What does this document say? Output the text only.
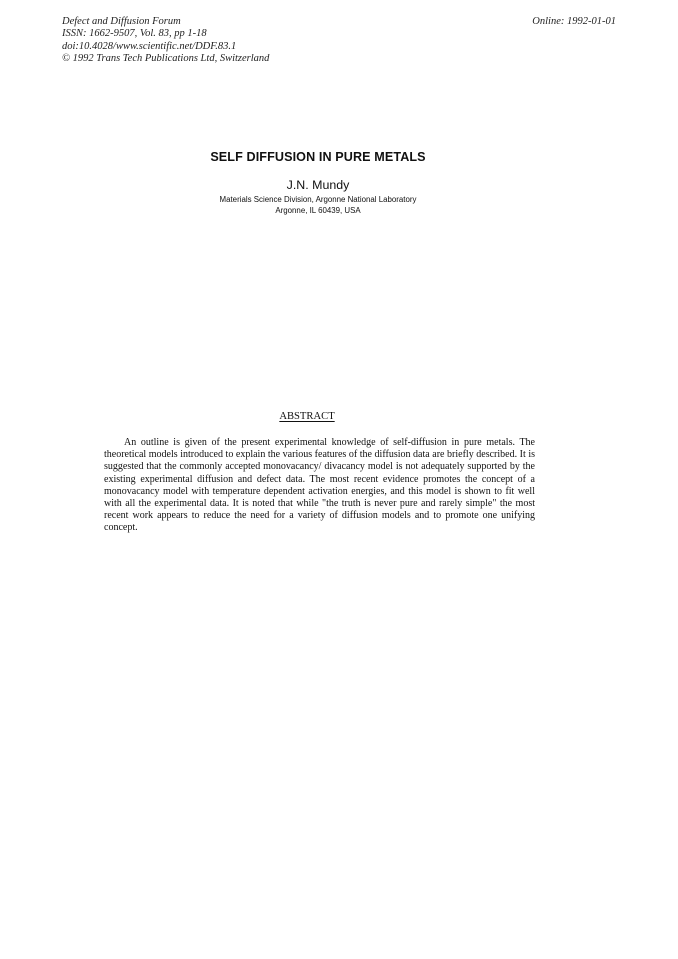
Defect and Diffusion Forum
ISSN: 1662-9507, Vol. 83, pp 1-18
doi:10.4028/www.scientific.net/DDF.83.1
© 1992 Trans Tech Publications Ltd, Switzerland
Online: 1992-01-01
SELF DIFFUSION IN PURE METALS
J.N. Mundy
Materials Science Division, Argonne National Laboratory
Argonne, IL 60439, USA
ABSTRACT

An outline is given of the present experimental knowledge of self-diffusion in pure metals. The theoretical models introduced to explain the various features of the diffusion data are briefly described. It is suggested that the commonly accepted monovacancy/ divacancy model is not adequately supported by the existing experimental diffusion and defect data. The most recent evidence promotes the concept of a monovacancy model with temperature dependent activation energies, and this model is shown to fit well with all the experimental data. It is noted that while "the truth is never pure and rarely simple" the most recent work appears to reduce the need for a variety of diffusion models and to promote one unifying concept.
